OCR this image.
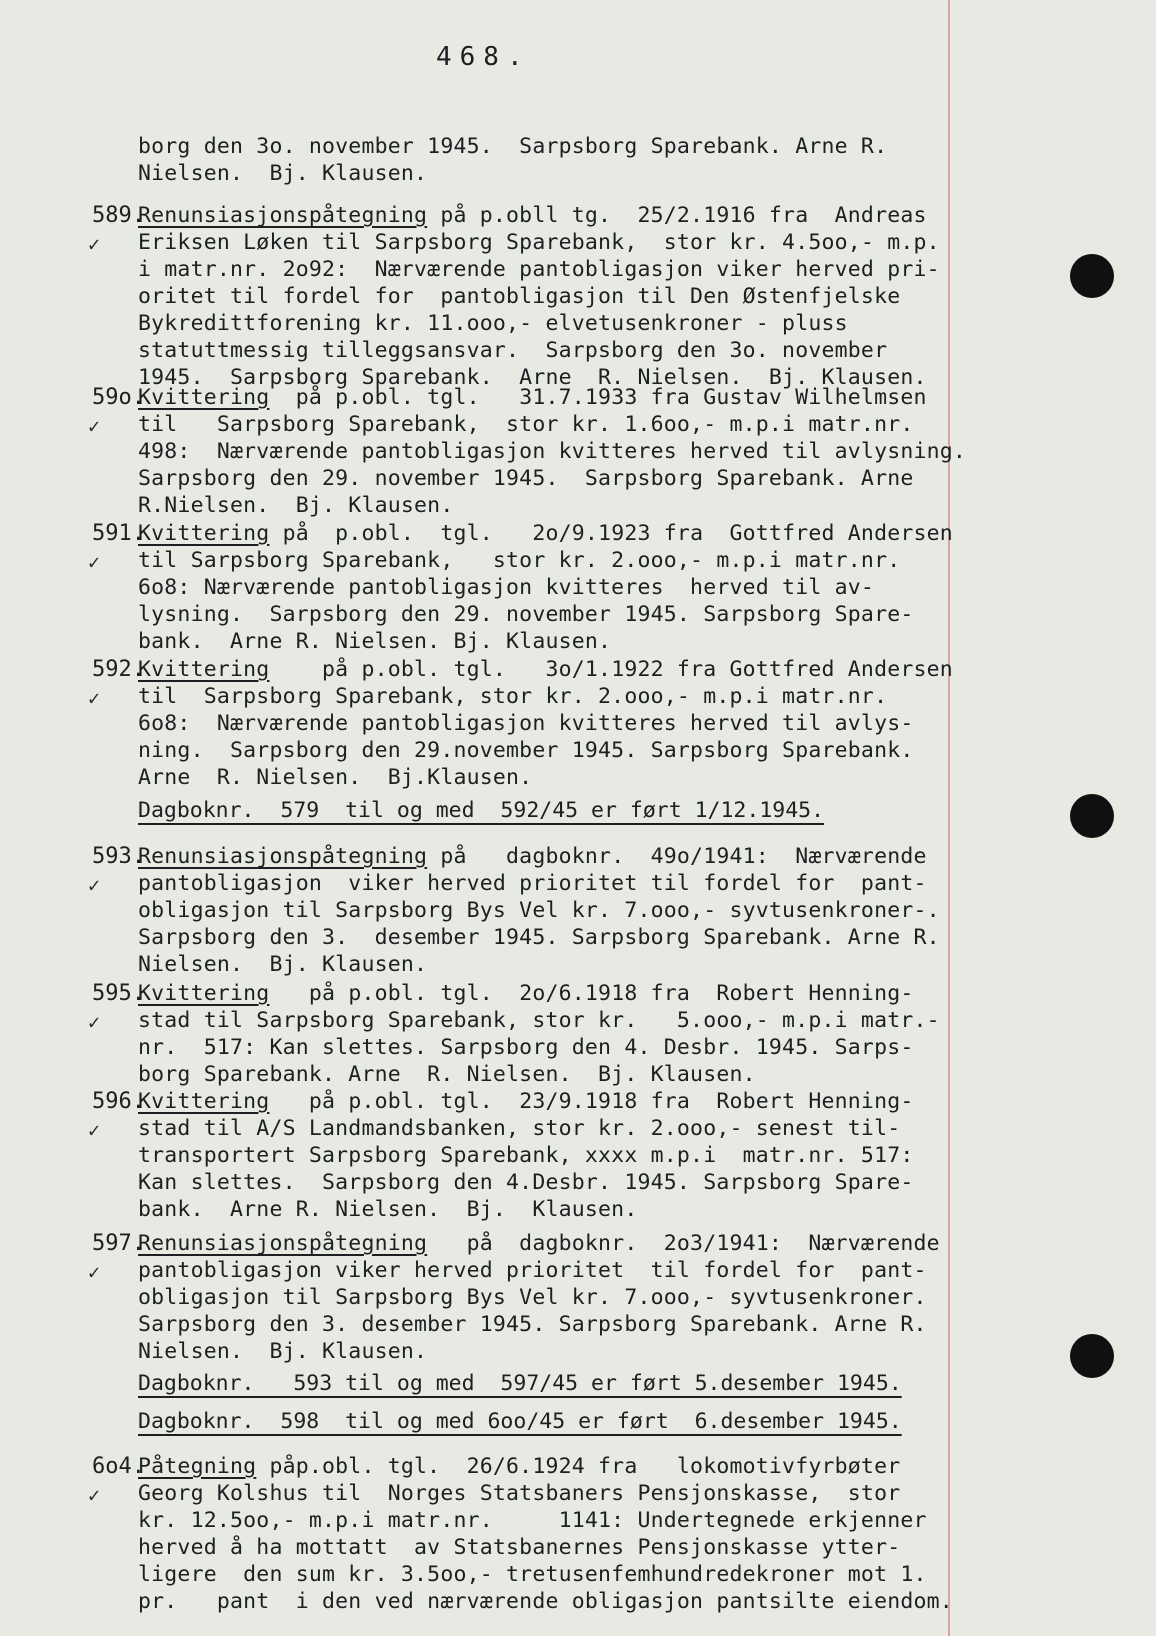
468.
borg den 3o. november 1945.  Sarpsborg Sparebank. Arne R.
Nielsen.  Bj. Klausen.
589.
✓
Renunsiasjonspåtegning på p.obll tg.  25/2.1916 fra  Andreas
Eriksen Løken til Sarpsborg Sparebank,  stor kr. 4.5oo,- m.p.
i matr.nr. 2o92:  Nærværende pantobligasjon viker herved pri-
oritet til fordel for  pantobligasjon til Den Østenfjelske
Bykredittforening kr. 11.ooo,- elvetusenkroner - pluss
statuttmessig tilleggsansvar.  Sarpsborg den 3o. november
1945.  Sarpsborg Sparebank.  Arne  R. Nielsen.  Bj. Klausen.
59o.
✓
Kvittering  på p.obl. tgl.   31.7.1933 fra Gustav Wilhelmsen
til   Sarpsborg Sparebank,  stor kr. 1.6oo,- m.p.i matr.nr.
498:  Nærværende pantobligasjon kvitteres herved til avlysning.
Sarpsborg den 29. november 1945.  Sarpsborg Sparebank. Arne
R.Nielsen.  Bj. Klausen.
591.
✓
Kvittering på  p.obl.  tgl.   2o/9.1923 fra  Gottfred Andersen
til Sarpsborg Sparebank,   stor kr. 2.ooo,- m.p.i matr.nr.
6o8: Nærværende pantobligasjon kvitteres  herved til av-
lysning.  Sarpsborg den 29. november 1945. Sarpsborg Spare-
bank.  Arne R. Nielsen. Bj. Klausen.
592.
✓
Kvittering    på p.obl. tgl.   3o/1.1922 fra Gottfred Andersen
til  Sarpsborg Sparebank, stor kr. 2.ooo,- m.p.i matr.nr.
6o8:  Nærværende pantobligasjon kvitteres herved til avlys-
ning.  Sarpsborg den 29.november 1945. Sarpsborg Sparebank.
Arne  R. Nielsen.  Bj.Klausen.
Dagboknr.  579  til og med  592/45 er ført 1/12.1945.
593.
✓
Renunsiasjonspåtegning på   dagboknr.  49o/1941:  Nærværende
pantobligasjon  viker herved prioritet til fordel for  pant-
obligasjon til Sarpsborg Bys Vel kr. 7.ooo,- syvtusenkroner-.
Sarpsborg den 3.  desember 1945. Sarpsborg Sparebank. Arne R.
Nielsen.  Bj. Klausen.
595.
✓
Kvittering   på p.obl. tgl.  2o/6.1918 fra  Robert Henning-
stad til Sarpsborg Sparebank, stor kr.   5.ooo,- m.p.i matr.-
nr.  517: Kan slettes. Sarpsborg den 4. Desbr. 1945. Sarps-
borg Sparebank. Arne  R. Nielsen.  Bj. Klausen.
596.
✓
Kvittering   på p.obl. tgl.  23/9.1918 fra  Robert Henning-
stad til A/S Landmandsbanken, stor kr. 2.ooo,- senest til-
transportert Sarpsborg Sparebank, xxxx m.p.i  matr.nr. 517:
Kan slettes.  Sarpsborg den 4.Desbr. 1945. Sarpsborg Spare-
bank.  Arne R. Nielsen.  Bj.  Klausen.
597.
✓
Renunsiasjonspåtegning   på  dagboknr.  2o3/1941:  Nærværende
pantobligasjon viker herved prioritet  til fordel for  pant-
obligasjon til Sarpsborg Bys Vel kr. 7.ooo,- syvtusenkroner.
Sarpsborg den 3. desember 1945. Sarpsborg Sparebank. Arne R.
Nielsen.  Bj. Klausen.
Dagboknr.   593 til og med  597/45 er ført 5.desember 1945.
Dagboknr.  598  til og med 6oo/45 er ført  6.desember 1945.
6o4.
✓
Påtegning påp.obl. tgl.  26/6.1924 fra   lokomotivfyrbøter
Georg Kolshus til  Norges Statsbaners Pensjonskasse,  stor
kr. 12.5oo,- m.p.i matr.nr.     1141: Undertegnede erkjenner
herved å ha mottatt  av Statsbanernes Pensjonskasse ytter-
ligere  den sum kr. 3.5oo,- tretusenfemhundredekroner mot 1.
pr.   pant  i den ved nærværende obligasjon pantsilte eiendom.
